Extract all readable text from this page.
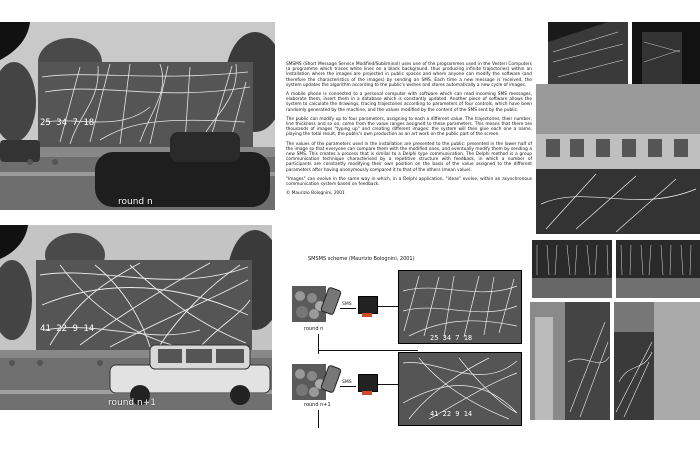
25 34 7 18
round n
41 22 9 14
round n+1

SMSMS (Short Message Service Modified/Subliminal) uses one of the programmes used in the Vesteri Computers (a programme which traces white lines on a black background, thus producing infinite trajectories) within an installation where the images are projected in public spaces and where anyone can modify the software (and therefore the characteristics of the images) by sending an SMS. Each time a new message is received, the system updates the algorithm according to the public's wishes and stores automatically a new cycle of images.

A mobile phone is connected to a personal computer with software which can read incoming SMS messages, elaborate them, insert them in a database which is constantly updated. Another piece of software allows the system to calculate the drawings, tracing trajectories according to parameters of four controls, which have been randomly generated by the machine, and the values modified by the content of the SMS sent by the public.

The public can modify up to four parameters, assigning to each a different value. The trajectories, their number, line thickness and so on, come from the value ranges assigned to these parameters. This means that there are thousands of images "typing up" and creating different images: the system will then give each one a name, playing the total result, the public's own production as an art work on the public part of the screen.

The values of the parameters used in the installation are presented to the public: presented in the lower half of the image so that everyone can compare them with the modified ones, and eventually modify them by sending a new SMS. This creates a process that is similar to a Delphi type communication. The Delphi method is a group communication technique characterised by a repetitive structure with feedback, in which a number of participants are constantly modifying their own position on the basis of the value assigned to the different parameters after having anonymously compared it to that of the others (mean value).

"Images" can evolve in the same way in which, in a Delphi application, "ideas" evolve, within an asynchronous communication system based on feedback.

© Maurizio Bolognini, 2001

SMSMS scheme (Maurizio Bolognini, 2001)
SMS
25 34 7 18
round n
SMS
41 22 9 14
round n+1
